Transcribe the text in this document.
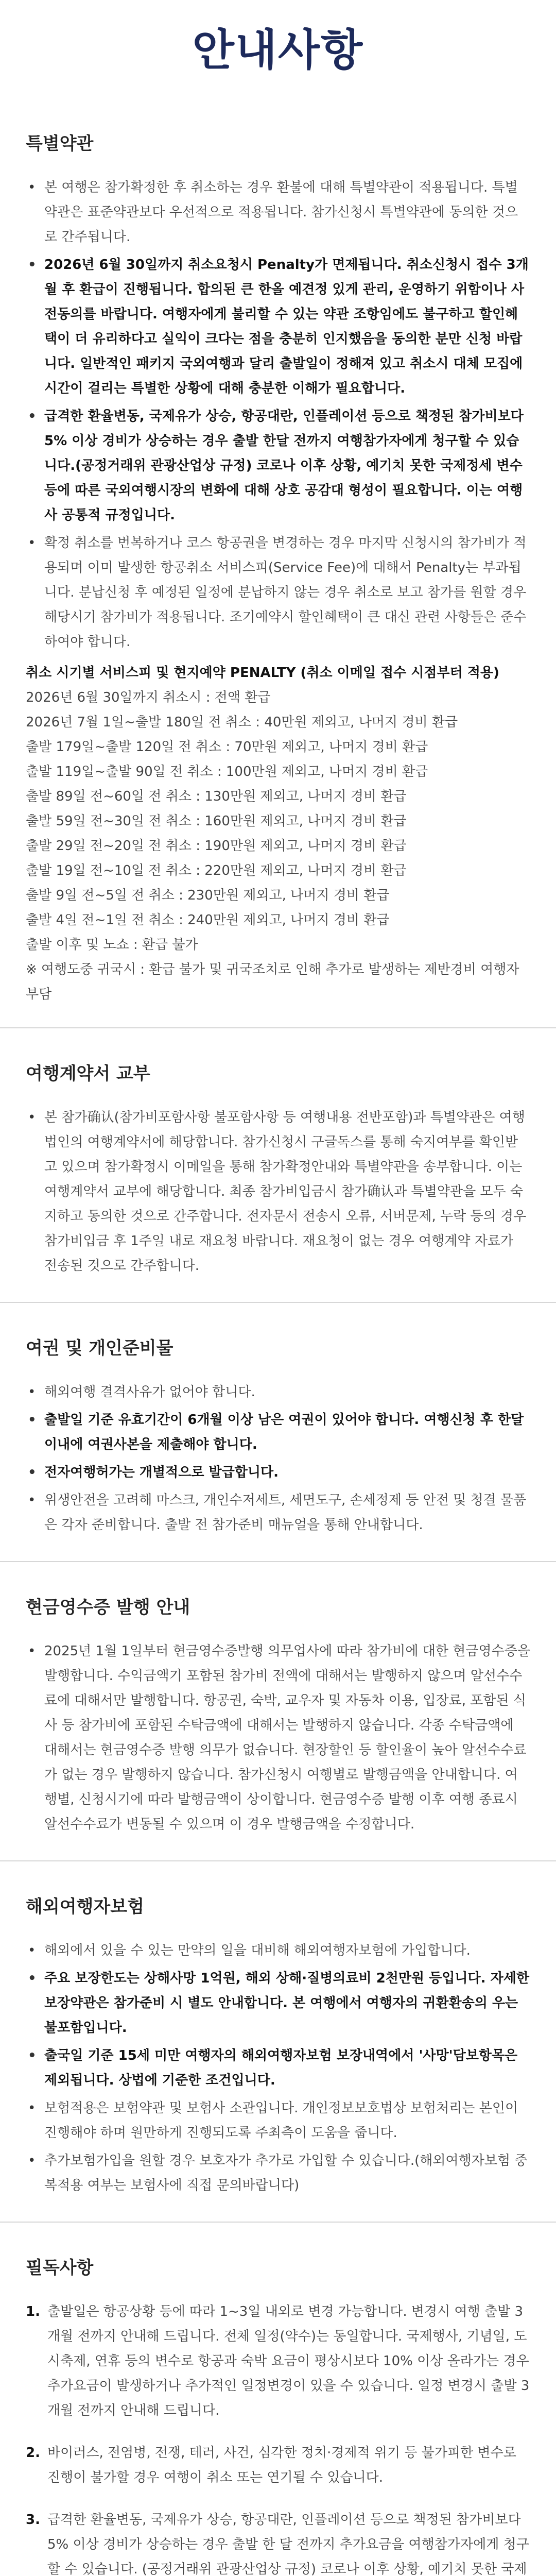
안내사항
특별약관
• 본 여행은 참가확정한 후 취소하는 경우 환불에 대해 특별약관이 적용됩니다. 특별약관은 표준약관보다 우선적으로 적용됩니다. 참가신청시 특별약관에 동의한 것으로 간주됩니다.
• 2026년 6월 30일까지 취소요청시 Penalty가 면제됩니다. 취소신청시 접수 3개월 후 환급이 진행됩니다. 합의된 큰 한올 예견정 있게 관리, 운영하기 위함이나 사전동의를 바랍니다. 여행자에게 불리할 수 있는 약관 조항임에도 불구하고 할인혜택이 더 유리하다고 실익이 크다는 점을 충분히 인지했음을 동의한 분만 신청 바랍니다. 일반적인 패키지 국외여행과 달리 출발일이 정해져 있고 취소시 대체 모집에 시간이 걸리는 특별한 상황에 대해 충분한 이해가 필요합니다.
• 급격한 환율변동, 국제유가 상승, 항공대란, 인플레이션 등으로 책정된 참가비보다 5% 이상 경비가 상승하는 경우 출발 한달 전까지 여행참가자에게 청구할 수 있습니다.(공정거래위 관광산업상 규정) 코로나 이후 상황, 예기치 못한 국제정세 변수 등에 따른 국외여행시장의 변화에 대해 상호 공감대 형성이 필요합니다. 이는 여행사 공통적 규정입니다.
• 확정 취소를 번복하거나 코스 항공권을 변경하는 경우 마지막 신청시의 참가비가 적용되며 이미 발생한 항공취소 서비스피(Service Fee)에 대해서 Penalty는 부과됩니다. 분납신청 후 예정된 일정에 분납하지 않는 경우 취소로 보고 참가를 원할 경우 해당시기 참가비가 적용됩니다. 조기예약시 할인혜택이 큰 대신 관련 사항들은 준수하여야 합니다.
취소 시기별 서비스피 및 현지예약 PENALTY (취소 이메일 접수 시점부터 적용)
2026년 6월 30일까지 취소시 : 전액 환급
2026년 7월 1일~출발 180일 전 취소 : 40만원 제외고, 나머지 경비 환급
출발 179일~출발 120일 전 취소 : 70만원 제외고, 나머지 경비 환급
출발 119일~출발 90일 전 취소 : 100만원 제외고, 나머지 경비 환급
출발 89일 전~60일 전 취소 : 130만원 제외고, 나머지 경비 환급
출발 59일 전~30일 전 취소 : 160만원 제외고, 나머지 경비 환급
출발 29일 전~20일 전 취소 : 190만원 제외고, 나머지 경비 환급
출발 19일 전~10일 전 취소 : 220만원 제외고, 나머지 경비 환급
출발 9일 전~5일 전 취소 : 230만원 제외고, 나머지 경비 환급
출발 4일 전~1일 전 취소 : 240만원 제외고, 나머지 경비 환급
출발 이후 및 노쇼 : 환급 불가
※ 여행도중 귀국시 : 환급 불가 및 귀국조치로 인해 추가로 발생하는 제반경비 여행자 부담
여행계약서 교부
• 본 참가确认(참가비포함사항 불포함사항 등 여행내용 전반포함)과 특별약관은 여행법인의 여행계약서에 해당합니다. 참가신청시 구글독스를 통해 숙지여부를 확인받고 있으며 참가확정시 이메일을 통해 참가확정안내와 특별약관을 송부합니다. 이는 여행계약서 교부에 해당합니다. 최종 참가비입금시 참가确认과 특별약관을 모두 숙지하고 동의한 것으로 간주합니다. 전자문서 전송시 오류, 서버문제, 누락 등의 경우 참가비입금 후 1주일 내로 재요청 바랍니다. 재요청이 없는 경우 여행계약 자료가 전송된 것으로 간주합니다.
여권 및 개인준비물
• 해외여행 결격사유가 없어야 합니다.
• 출발일 기준 유효기간이 6개월 이상 남은 여권이 있어야 합니다. 여행신청 후 한달 이내에 여권사본을 제출해야 합니다.
• 전자여행허가는 개별적으로 발급합니다.
• 위생안전을 고려해 마스크, 개인수저세트, 세면도구, 손세정제 등 안전 및 청결 물품은 각자 준비합니다. 출발 전 참가준비 매뉴얼을 통해 안내합니다.
현금영수증 발행 안내
• 2025년 1월 1일부터 현금영수증발행 의무업사에 따라 참가비에 대한 현금영수증을 발행합니다. 수익금액기 포함된 참가비 전액에 대해서는 발행하지 않으며 알선수수료에 대해서만 발행합니다. 항공권, 숙박, 교우자 및 자동차 이용, 입장료, 포함된 식사 등 참가비에 포함된 수탁금액에 대해서는 발행하지 않습니다. 각종 수탁금액에 대해서는 현금영수증 발행 의무가 없습니다. 현장할인 등 할인율이 높아 알선수수료가 없는 경우 발행하지 않습니다. 참가신청시 여행별로 발행금액을 안내합니다. 여행별, 신청시기에 따라 발행금액이 상이합니다. 현금영수증 발행 이후 여행 종료시 알선수수료가 변동될 수 있으며 이 경우 발행금액을 수정합니다.
해외여행자보험
• 해외에서 있을 수 있는 만약의 일을 대비해 해외여행자보험에 가입합니다.
• 주요 보장한도는 상해사망 1억원, 해외 상해·질병의료비 2천만원 등입니다. 자세한 보장약관은 참가준비 시 별도 안내합니다. 본 여행에서 여행자의 귀환환송의 우는 불포함입니다.
• 출국일 기준 15세 미만 여행자의 해외여행자보험 보장내역에서 '사망'담보항목은 제외됩니다. 상법에 기준한 조건입니다.
• 보험적용은 보험약관 및 보험사 소관입니다. 개인정보보호법상 보험처리는 본인이 진행해야 하며 원만하게 진행되도록 주최측이 도움을 줍니다.
• 추가보험가입을 원할 경우 보호자가 추가로 가입할 수 있습니다.(해외여행자보험 중복적용 여부는 보험사에 직접 문의바랍니다)
필독사항
1. 출발일은 항공상황 등에 따라 1~3일 내외로 변경 가능합니다. 변경시 여행 출발 3개월 전까지 안내해 드립니다. 전체 일정(약수)는 동일합니다. 국제행사, 기념일, 도시축제, 연휴 등의 변수로 항공과 숙박 요금이 평상시보다 10% 이상 올라가는 경우 추가요금이 발생하거나 추가적인 일정변경이 있을 수 있습니다. 일정 변경시 출발 3개월 전까지 안내해 드립니다.
2. 바이러스, 전염병, 전쟁, 테러, 사건, 심각한 정치·경제적 위기 등 불가피한 변수로 진행이 불가할 경우 여행이 취소 또는 연기될 수 있습니다.
3. 급격한 환율변동, 국제유가 상승, 항공대란, 인플레이션 등으로 책정된 참가비보다 5% 이상 경비가 상승하는 경우 출발 한 달 전까지 추가요금을 여행참가자에게 청구할 수 있습니다. (공정거래위 관광산업상 규정) 코로나 이후 상황, 예기치 못한 국제
